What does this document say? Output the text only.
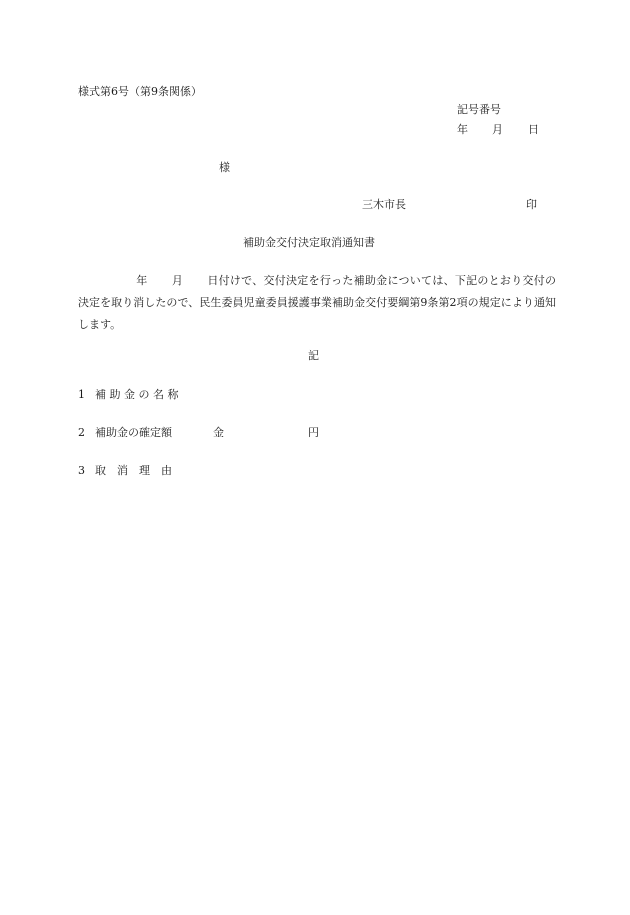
様式第6号（第9条関係）
記号番号
年 月 日
様
三木市長	印
補助金交付決定取消通知書

年 月 日付けで、交付決定を行った補助金については、下記のとおり交付の決定を取り消したので、民生委員児童委員援護事業補助金交付要綱第9条第2項の規定により通知します。

記
1 補 助 金 の 名 称
2 補助金の確定額	金	円
3 取　消　理　由
